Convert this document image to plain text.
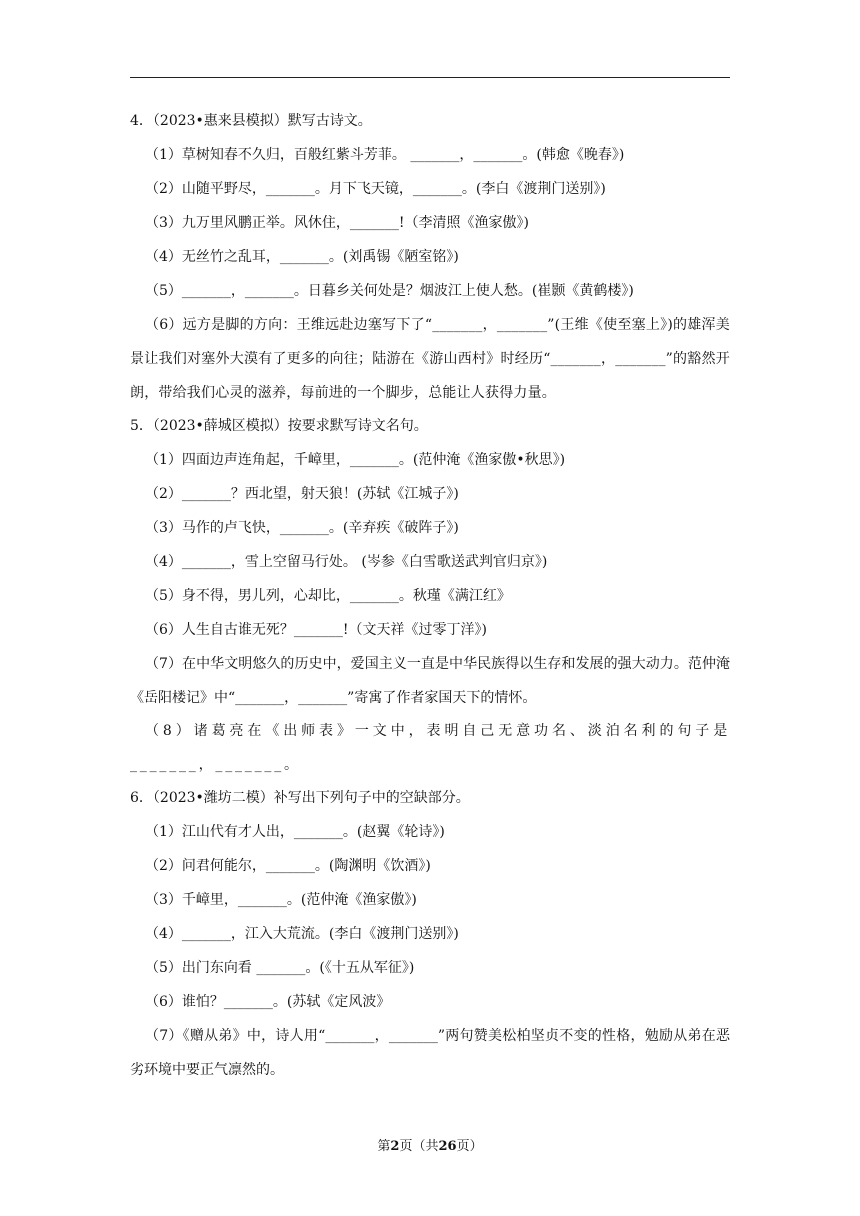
4．（2023•惠来县模拟）默写古诗文。
（1）草树知春不久归，百般红紫斗芳菲。 _______，_______。(韩愈《晚春》)
（2）山随平野尽，_______。月下飞天镜，_______。(李白《渡荆门送别》)
（3）九万里风鹏正举。风休住，_______!（李清照《渔家傲》)
（4）无丝竹之乱耳，_______。(刘禹锡《陋室铭》)
（5）_______，_______。日暮乡关何处是？烟波江上使人愁。(崔颢《黄鹤楼》)
（6）远方是脚的方向：王维远赴边塞写下了“_______，_______”(王维《使至塞上》)的雄浑美景让我们对塞外大漠有了更多的向往；陆游在《游山西村》时经历“_______，_______”的豁然开朗，带给我们心灵的滋养，每前进的一个脚步，总能让人获得力量。
5．（2023•薛城区模拟）按要求默写诗文名句。
（1）四面边声连角起，千嶂里，_______。(范仲淹《渔家傲•秋思》)
（2）_______？西北望，射天狼！(苏轼《江城子》)
（3）马作的卢飞快，_______。(辛弃疾《破阵子》)
（4）_______，雪上空留马行处。 (岑参《白雪歌送武判官归京》)
（5）身不得，男儿列，心却比，_______。秋瑾《满江红》
（6）人生自古谁无死？_______!（文天祥《过零丁洋》)
（7）在中华文明悠久的历史中，爱国主义一直是中华民族得以生存和发展的强大动力。范仲淹《岳阳楼记》中“_______，_______”寄寓了作者家国天下的情怀。
（8）诸葛亮在《出师表》一文中，表明自己无意功名、淡泊名利的句子是 _______，_______。
6．（2023•潍坊二模）补写出下列句子中的空缺部分。
（1）江山代有才人出，_______。(赵翼《轮诗》)
（2）问君何能尔，_______。(陶渊明《饮酒》)
（3）千嶂里，_______。(范仲淹《渔家傲》)
（4）_______，江入大荒流。(李白《渡荆门送别》)
（5）出门东向看 _______。(《十五从军征》)
（6）谁怕？_______。(苏轼《定风波》
（7）《赠从弟》中，诗人用“_______，_______”两句赞美松柏坚贞不变的性格，勉励从弟在恶劣环境中要正气凛然的。
第2页（共26页）
